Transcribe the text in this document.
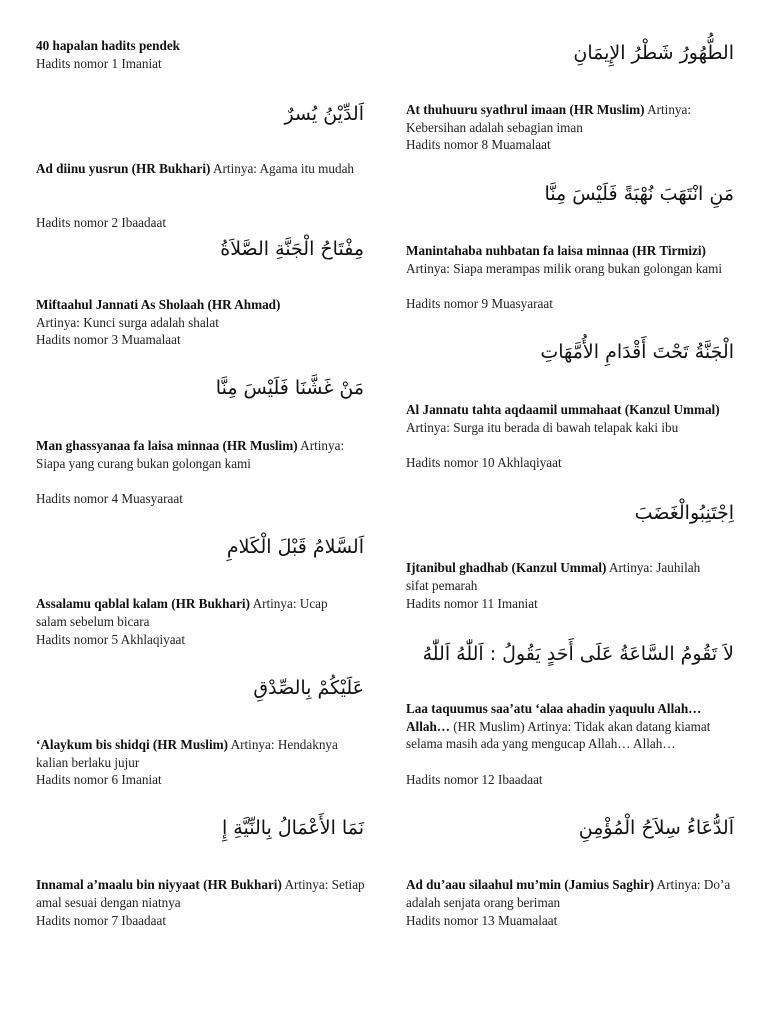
40 hapalan hadits pendek
Hadits nomor 1 Imaniat
اَلدِّيْنُ يُسرٌ
Ad diinu yusrun (HR Bukhari) Artinya: Agama itu mudah
Hadits nomor 2 Ibaadaat
مِفْتَاحُ الْجَنَّةِ الصَّلاَةُ
Miftaahul Jannati As Sholaah (HR Ahmad) Artinya: Kunci surga adalah shalat
Hadits nomor 3 Muamalaat
مَنْ غَشَّنَا فَلَيْسَ مِنَّا
Man ghassyanaa fa laisa minnaa (HR Muslim) Artinya: Siapa yang curang bukan golongan kami
Hadits nomor 4 Muasyaraat
اَلسَّلامُ قَبْلَ الْكَلامِ
Assalamu qablal kalam (HR Bukhari) Artinya: Ucap salam sebelum bicara
Hadits nomor 5 Akhlaqiyaat
عَلَيْكُمْ بِالصِّدْقِ
‘Alaykum bis shidqi (HR Muslim) Artinya: Hendaknya kalian berlaku jujur
Hadits nomor 6 Imaniat
نَمَا الأَعْمَالُ بِالنِّيَّةِ إِ
Innamal a’maalu bin niyyaat (HR Bukhari) Artinya: Setiap amal sesuai dengan niatnya
Hadits nomor 7 Ibaadaat
الطُّهُورُ شَطْرُ الإِيمَانِ
At thuhuuru syathrul imaan (HR Muslim) Artinya: Kebersihan adalah sebagian iman
Hadits nomor 8 Muamalaat
مَنِ انْتَهَبَ نُهْبَةً فَلَيْسَ مِنَّا
Manintahaba nuhbatan fa laisa minnaa (HR Tirmizi) Artinya: Siapa merampas milik orang bukan golongan kami
Hadits nomor 9 Muasyaraat
الْجَنَّةُ تَحْتَ أَقْدَامِ الأُمَّهَاتِ
Al Jannatu tahta aqdaamil ummahaat (Kanzul Ummal) Artinya: Surga itu berada di bawah telapak kaki ibu
Hadits nomor 10 Akhlaqiyaat
اِجْتَنِبُوالْغَضَبَ
Ijtanibul ghadhab (Kanzul Ummal) Artinya: Jauhilah sifat pemarah
Hadits nomor 11 Imaniat
لاَ تَقُومُ السَّاعَةُ عَلَى أَحَدٍ يَقُولُ : اَللّٰهُ اَللّٰهُ
Laa taquumus saa’atu ‘alaa ahadin yaquulu Allah… Allah… (HR Muslim) Artinya: Tidak akan datang kiamat selama masih ada yang mengucap Allah… Allah…
Hadits nomor 12 Ibaadaat
اَلدُّعَاءُ سِلاَحُ الْمُؤْمِنِ
Ad du’aau silaahul mu’min (Jamius Saghir) Artinya: Do’a adalah senjata orang beriman
Hadits nomor 13 Muamalaat
